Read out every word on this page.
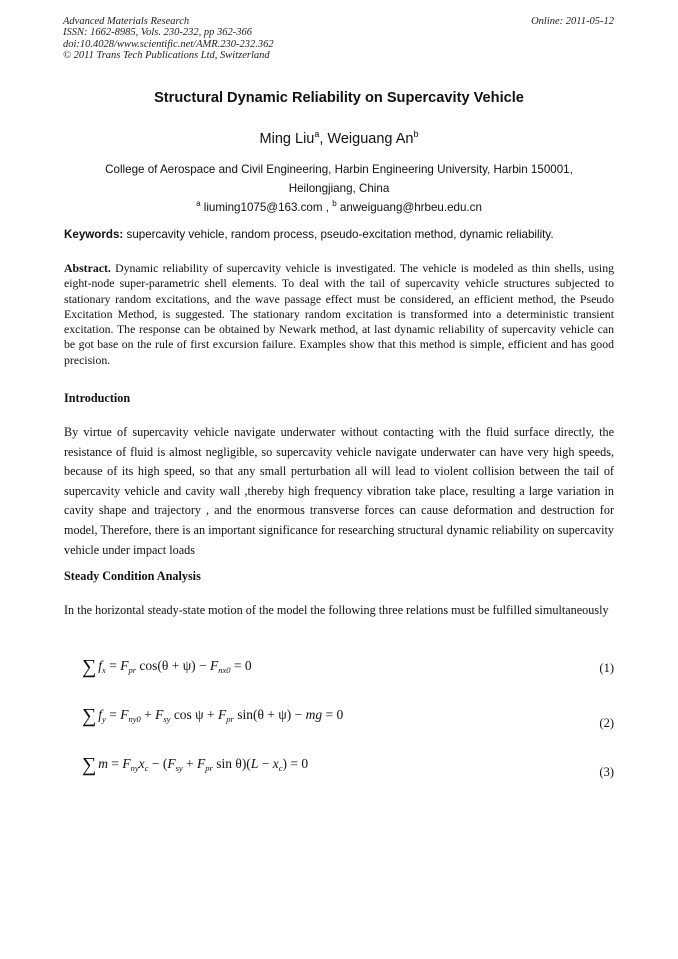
Advanced Materials Research
ISSN: 1662-8985, Vols. 230-232, pp 362-366
doi:10.4028/www.scientific.net/AMR.230-232.362
© 2011 Trans Tech Publications Ltd, Switzerland
Online: 2011-05-12
Structural Dynamic Reliability on Supercavity Vehicle
Ming Liu$^a$, Weiguang An$^b$
College of Aerospace and Civil Engineering, Harbin Engineering University, Harbin 150001,
Heilongjiang, China
$^a$ liuming1075@163.com , $^b$ anweiguang@hrbeu.edu.cn
Keywords: supercavity vehicle, random process, pseudo-excitation method, dynamic reliability.
Abstract. Dynamic reliability of supercavity vehicle is investigated. The vehicle is modeled as thin shells, using eight-node super-parametric shell elements. To deal with the tail of supercavity vehicle structures subjected to stationary random excitations, and the wave passage effect must be considered, an efficient method, the Pseudo Excitation Method, is suggested. The stationary random excitation is transformed into a deterministic transient excitation. The response can be obtained by Newark method, at last dynamic reliability of supercavity vehicle can be got base on the rule of first excursion failure. Examples show that this method is simple, efficient and has good precision.
Introduction
By virtue of supercavity vehicle navigate underwater without contacting with the fluid surface directly, the resistance of fluid is almost negligible, so supercavity vehicle navigate underwater can have very high speeds, because of its high speed, so that any small perturbation all will lead to violent collision between the tail of supercavity vehicle and cavity wall ,thereby high frequency vibration take place, resulting a large variation in cavity shape and trajectory , and the enormous transverse forces can cause deformation and destruction for model, Therefore, there is an important significance for researching structural dynamic reliability on supercavity vehicle under impact loads
Steady Condition Analysis
In the horizontal steady-state motion of the model the following three relations must be fulfilled simultaneously
∑ $f_x = F_{pr}$ $\cos(\theta + \psi) - F_{nx0} = 0$	(1)
∑ $f_y = F_{ny0} + F_{sy}$ $\cos \psi + F_{pr}$ sin(θ + ψ) − mg = 0
(2)
∑ $m = F_{ny}x_c - (F_{sy} + F_{pr}$ $\sin \theta)(L - x_c) = 0$
(3)
